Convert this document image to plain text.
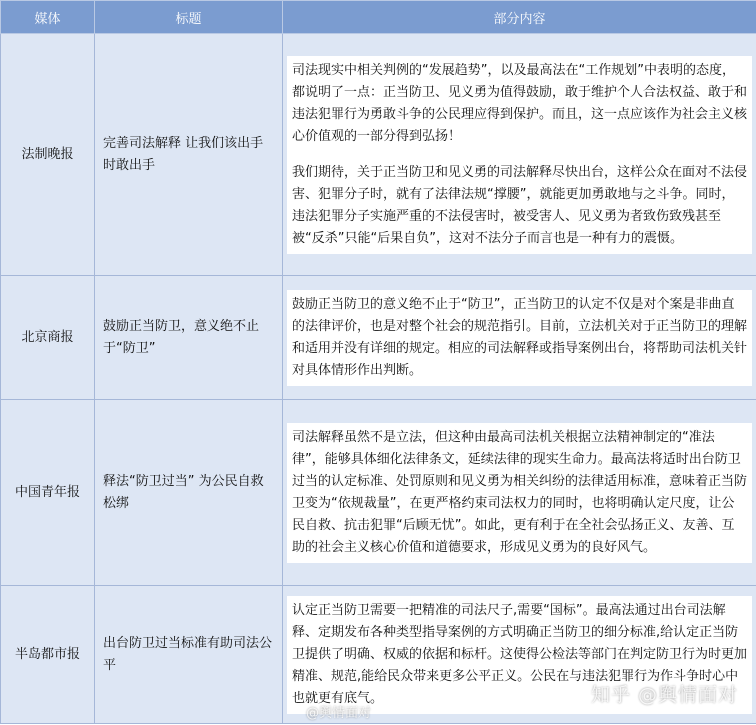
媒体	标题	部分内容
法制晚报	完善司法解释 让我们该出手时敢出手	司法现实中相关判例的“发展趋势”，以及最高法在“工作规划”中表明的态度，都说明了一点：正当防卫、见义勇为值得鼓励，敢于维护个人合法权益、敢于和违法犯罪行为勇敢斗争的公民理应得到保护。而且，这一点应该作为社会主义核心价值观的一部分得到弘扬！

我们期待，关于正当防卫和见义勇的司法解释尽快出台，这样公众在面对不法侵害、犯罪分子时，就有了法律法规“撑腰”，就能更加勇敢地与之斗争。同时，违法犯罪分子实施严重的不法侵害时，被受害人、见义勇为者致伤致残甚至被“反杀”只能“后果自负”，这对不法分子而言也是一种有力的震慑。

北京商报	鼓励正当防卫，意义绝不止于“防卫”	鼓励正当防卫的意义绝不止于“防卫”，正当防卫的认定不仅是对个案是非曲直的法律评价，也是对整个社会的规范指引。目前，立法机关对于正当防卫的理解和适用并没有详细的规定。相应的司法解释或指导案例出台，将帮助司法机关针对具体情形作出判断。

中国青年报	释法“防卫过当” 为公民自救松绑	司法解释虽然不是立法，但这种由最高司法机关根据立法精神制定的“准法律”，能够具体细化法律条文，延续法律的现实生命力。最高法将适时出台防卫过当的认定标准、处罚原则和见义勇为相关纠纷的法律适用标准，意味着正当防卫变为“依规裁量”，在更严格约束司法权力的同时，也将明确认定尺度，让公民自救、抗击犯罪“后顾无忧”。如此，更有利于在全社会弘扬正义、友善、互助的社会主义核心价值和道德要求，形成见义勇为的良好风气。

半岛都市报	出台防卫过当标准有助司法公平	认定正当防卫需要一把精准的司法尺子,需要“国标”。最高法通过出台司法解释、定期发布各种类型指导案例的方式明确正当防卫的细分标准,给认定正当防卫提供了明确、权威的依据和标杆。这使得公检法等部门在判定防卫行为时更加精准、规范,能给民众带来更多公平正义。公民在与违法犯罪行为作斗争时心中也就更有底气。

@舆情面对
知乎 @舆情面对
